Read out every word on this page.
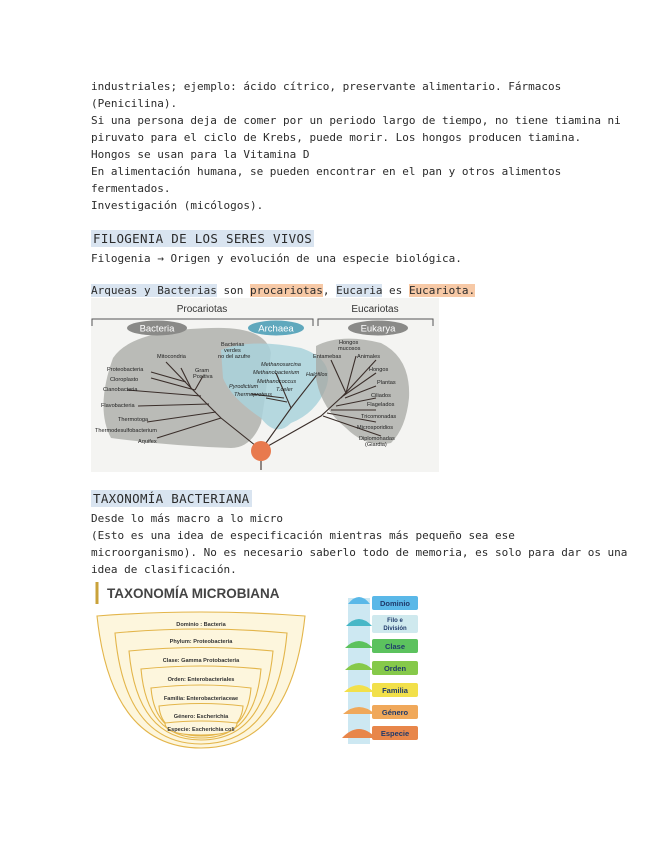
industriales; ejemplo: ácido cítrico, preservante alimentario. Fármacos
(Penicilina).
Si una persona deja de comer por un periodo largo de tiempo, no tiene tiamina ni
piruvato para el ciclo de Krebs, puede morir. Los hongos producen tiamina.
Hongos se usan para la Vitamina D
En alimentación humana, se pueden encontrar en el pan y otros alimentos
fermentados.
Investigación (micólogos).
FILOGENIA DE LOS SERES VIVOS
Filogenia → Origen y evolución de una especie biológica.
Arqueas y Bacterias son procariotas, Eucaria es Eucariota.
Procariotas	Eucariotas
Bacteria	Archaea	Eukarya
Bacterias
verdes
no del azufre
Mitocondria
Gram
Positiva
Proteobacteria
Cloroplasto
Cianobacteria
Flavobacteria
Thermotoga
Thermodesulfobacterium
Aquifex
Methanosarcina
Methanobacterium Halófilos
Methanococcus
T.celer
Pyrodictium
Thermoproteus
Hongos
mucosos
Entamebas	Animales
Hongos
Plantas
Ciliados
Flagelados
Tricomonadas
Microsporidios
Diplomonadas
(Giardia)
TAXONOMÍA BACTERIANA
Desde lo más macro a lo micro
(Esto es una idea de especificación mientras más pequeño sea ese
microorganismo). No es necesario saberlo todo de memoria, es solo para dar os una
idea de clasificación.
TAXONOMÍA MICROBIANA
Dominio : Bacteria
Phylum: Proteobacteria
Clase: Gamma Protobacteria
Orden: Enterobacteriales
Familia: Enterobacteriaceae
Género: Escherichia
Especie: Escherichia coli
Dominio
Filo e
División
Clase
Orden
Familia
Género
Especie
